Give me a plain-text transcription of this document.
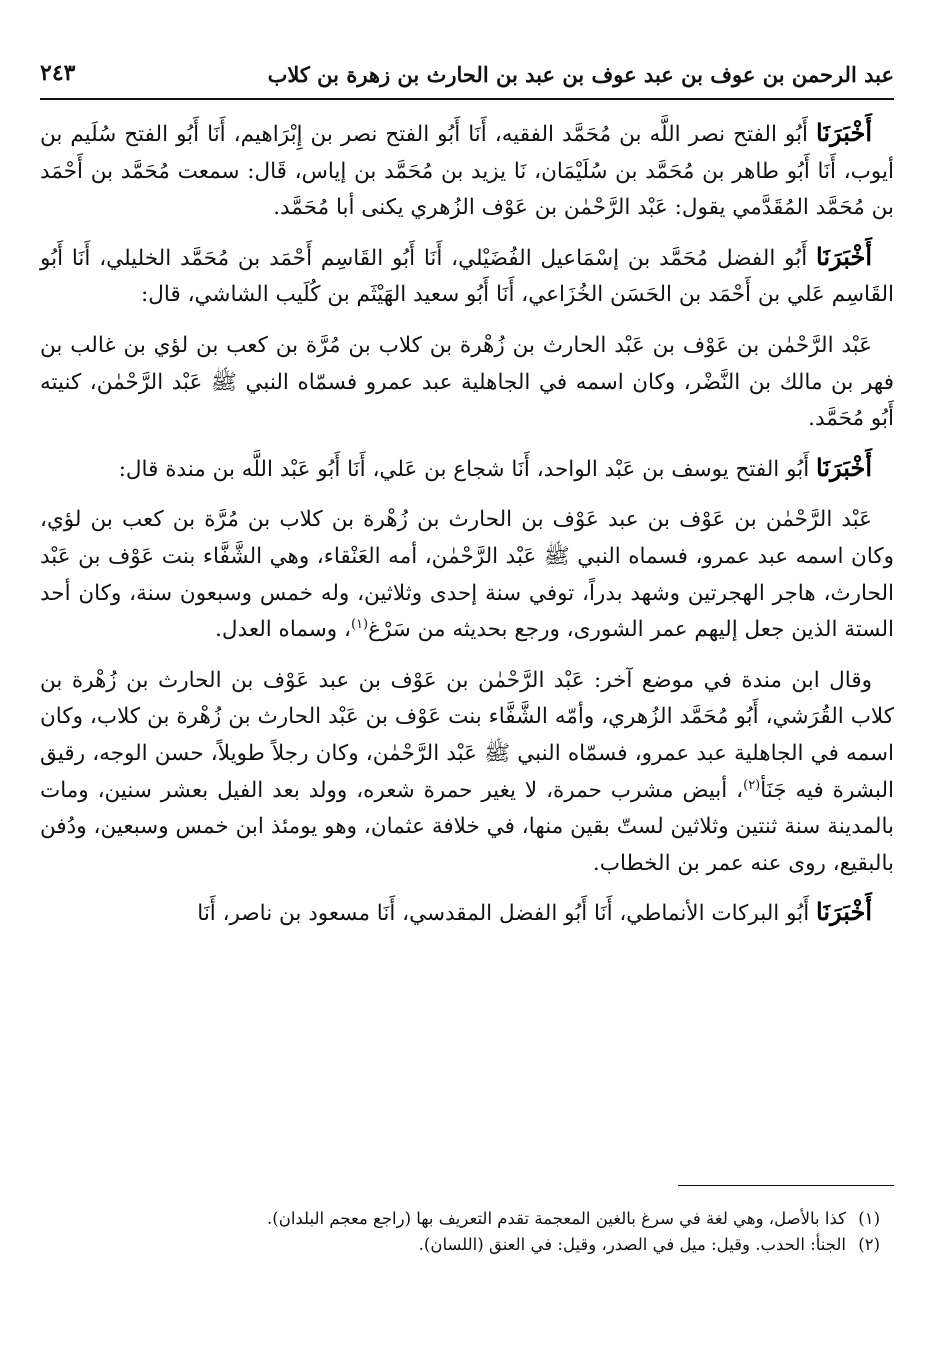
عبد الرحمن بن عوف بن عبد عوف بن عبد بن الحارث بن زهرة بن كلاب
٢٤٣

أَخْبَرَنَا أَبُو الفتح نصر اللَّه بن مُحَمَّد الفقيه، أَنَا أَبُو الفتح نصر بن إِبْرَاهيم، أَنَا أَبُو الفتح سُلَيم بن أيوب، أَنَا أَبُو طاهر بن مُحَمَّد بن سُلَيْمَان، نَا يزيد بن مُحَمَّد بن إياس، قَال: سمعت مُحَمَّد بن أَحْمَد بن مُحَمَّد المُقَدَّمي يقول: عَبْد الرَّحْمٰن بن عَوْف الزُهري يكنى أبا مُحَمَّد.

أَخْبَرَنَا أَبُو الفضل مُحَمَّد بن إسْمَاعيل الفُضَيْلي، أَنَا أَبُو القَاسِم أَحْمَد بن مُحَمَّد الخليلي، أَنَا أَبُو القَاسِم عَلي بن أَحْمَد بن الحَسَن الخُزَاعي، أَنَا أَبُو سعيد الهَيْثَم بن كُلَيب الشاشي، قال:

عَبْد الرَّحْمٰن بن عَوْف بن عَبْد الحارث بن زُهْرة بن كلاب بن مُرَّة بن كعب بن لؤي بن غالب بن فهر بن مالك بن النَّضْر، وكان اسمه في الجاهلية عبد عمرو فسمّاه النبي ﷺ عَبْد الرَّحْمٰن، كنيته أَبُو مُحَمَّد.

أَخْبَرَنَا أَبُو الفتح يوسف بن عَبْد الواحد، أَنَا شجاع بن عَلي، أَنَا أَبُو عَبْد اللَّه بن مندة قال:

عَبْد الرَّحْمٰن بن عَوْف بن عبد عَوْف بن الحارث بن زُهْرة بن كلاب بن مُرَّة بن كعب بن لؤي، وكان اسمه عبد عمرو، فسماه النبي ﷺ عَبْد الرَّحْمٰن، أمه العَنْقاء، وهي الشَّفَّاء بنت عَوْف بن عَبْد الحارث، هاجر الهجرتين وشهد بدراً، توفي سنة إحدى وثلاثين، وله خمس وسبعون سنة، وكان أحد الستة الذين جعل إليهم عمر الشورى، ورجع بحديثه من سَرْغ$^{(١)}$، وسماه العدل.

وقال ابن مندة في موضع آخر: عَبْد الرَّحْمٰن بن عَوْف بن عبد عَوْف بن الحارث بن زُهْرة بن كلاب القُرَشي، أَبُو مُحَمَّد الزُهري، وأمّه الشَّفَّاء بنت عَوْف بن عَبْد الحارث بن زُهْرة بن كلاب، وكان اسمه في الجاهلية عبد عمرو، فسمّاه النبي ﷺ عَبْد الرَّحْمٰن، وكان رجلاً طويلاً، حسن الوجه، رقيق البشرة فيه جَنَأ$^{(٢)}$، أبيض مشرب حمرة، لا يغير حمرة شعره، وولد بعد الفيل بعشر سنين، ومات بالمدينة سنة ثنتين وثلاثين لستّ بقين منها، في خلافة عثمان، وهو يومئذ ابن خمس وسبعين، ودُفن بالبقيع، روى عنه عمر بن الخطاب.

أَخْبَرَنَا أَبُو البركات الأنماطي، أَنَا أَبُو الفضل المقدسي، أَنَا مسعود بن ناصر، أَنَا

(١)كذا بالأصل، وهي لغة في سرغ بالغين المعجمة تقدم التعريف بها (راجع معجم البلدان).
(٢)الجنأ: الحدب. وقيل: ميل في الصدر، وقيل: في العنق (اللسان).
